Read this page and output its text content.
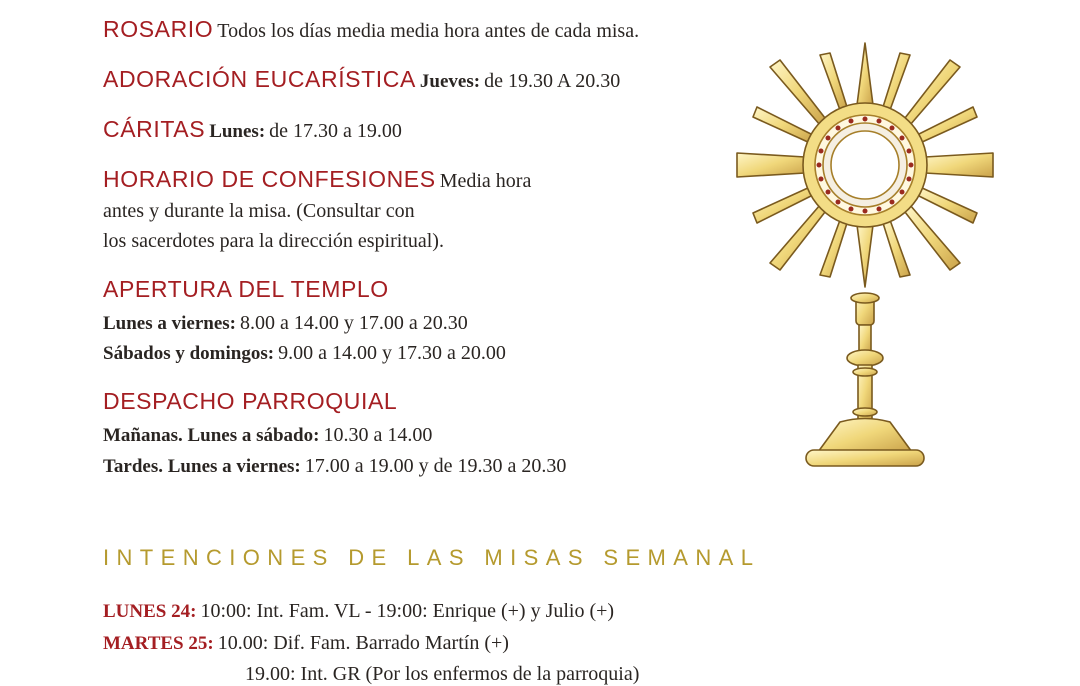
ROSARIO Todos los días media media hora antes de cada misa.
ADORACIÓN EUCARÍSTICA Jueves: de 19.30 A 20.30
CÁRITAS Lunes: de 17.30 a 19.00
HORARIO DE CONFESIONES Media hora
antes y durante la misa. (Consultar con
los sacerdotes para la dirección espiritual).
APERTURA DEL TEMPLO
Lunes a viernes: 8.00 a 14.00 y 17.00 a 20.30
Sábados y domingos: 9.00 a 14.00 y 17.30 a 20.00
DESPACHO PARROQUIAL
Mañanas. Lunes a sábado: 10.30 a 14.00
Tardes. Lunes a viernes: 17.00 a 19.00 y de 19.30 a 20.30
INTENCIONES DE LAS MISAS SEMANAL
LUNES 24: 10:00: Int. Fam. VL - 19:00: Enrique (+) y Julio (+)
MARTES 25: 10.00: Dif. Fam. Barrado Martín (+)
19.00: Int. GR (Por los enfermos de la parroquia)
